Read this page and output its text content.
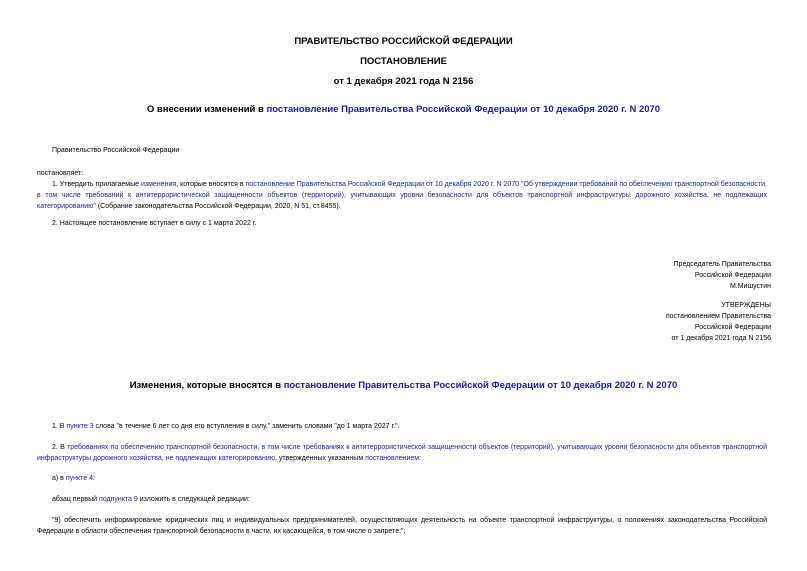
ПРАВИТЕЛЬСТВО РОССИЙСКОЙ ФЕДЕРАЦИИ
ПОСТАНОВЛЕНИЕ
от 1 декабря 2021 года N 2156
О внесении изменений в постановление Правительства Российской Федерации от 10 декабря 2020 г. N 2070
Правительство Российской Федерации
постановляет:
1. Утвердить прилагаемые изменения, которые вносятся в постановление Правительства Российской Федерации от 10 декабря 2020 г. N 2070 "Об утверждении требований по обеспечению транспортной безопасности, в том числе требований к антитеррористической защищенности объектов (территорий), учитывающих уровни безопасности для объектов транспортной инфраструктуры дорожного хозяйства, не подлежащих категорированию" (Собрание законодательства Российской Федерации, 2020, N 51, ст.8455).
2. Настоящее постановление вступает в силу с 1 марта 2022 г.
Председатель Правительства
Российской Федерации
М.Мишустин
УТВЕРЖДЕНЫ
постановлением Правительства
Российской Федерации
от 1 декабря 2021 года N 2156
Изменения, которые вносятся в постановление Правительства Российской Федерации от 10 декабря 2020 г. N 2070
1. В пункте 3 слова "в течение 6 лет со дня его вступления в силу." заменить словами "до 1 марта 2027 г.".
2. В требованиях по обеспечению транспортной безопасности, в том числе требованиях к антитеррористической защищенности объектов (территорий), учитывающих уровни безопасности для объектов транспортной инфраструктуры дорожного хозяйства, не подлежащих категорированию, утвержденных указанным постановлением:
а) в пункте 4:
абзац первый подпункта 9 изложить в следующей редакции:
"9) обеспечить информирование юридических лиц и индивидуальных предпринимателей, осуществляющих деятельность на объекте транспортной инфраструктуры, о положениях законодательства Российской Федерации в области обеспечения транспортной безопасности в части, их касающейся, в том числе о запрете:";
